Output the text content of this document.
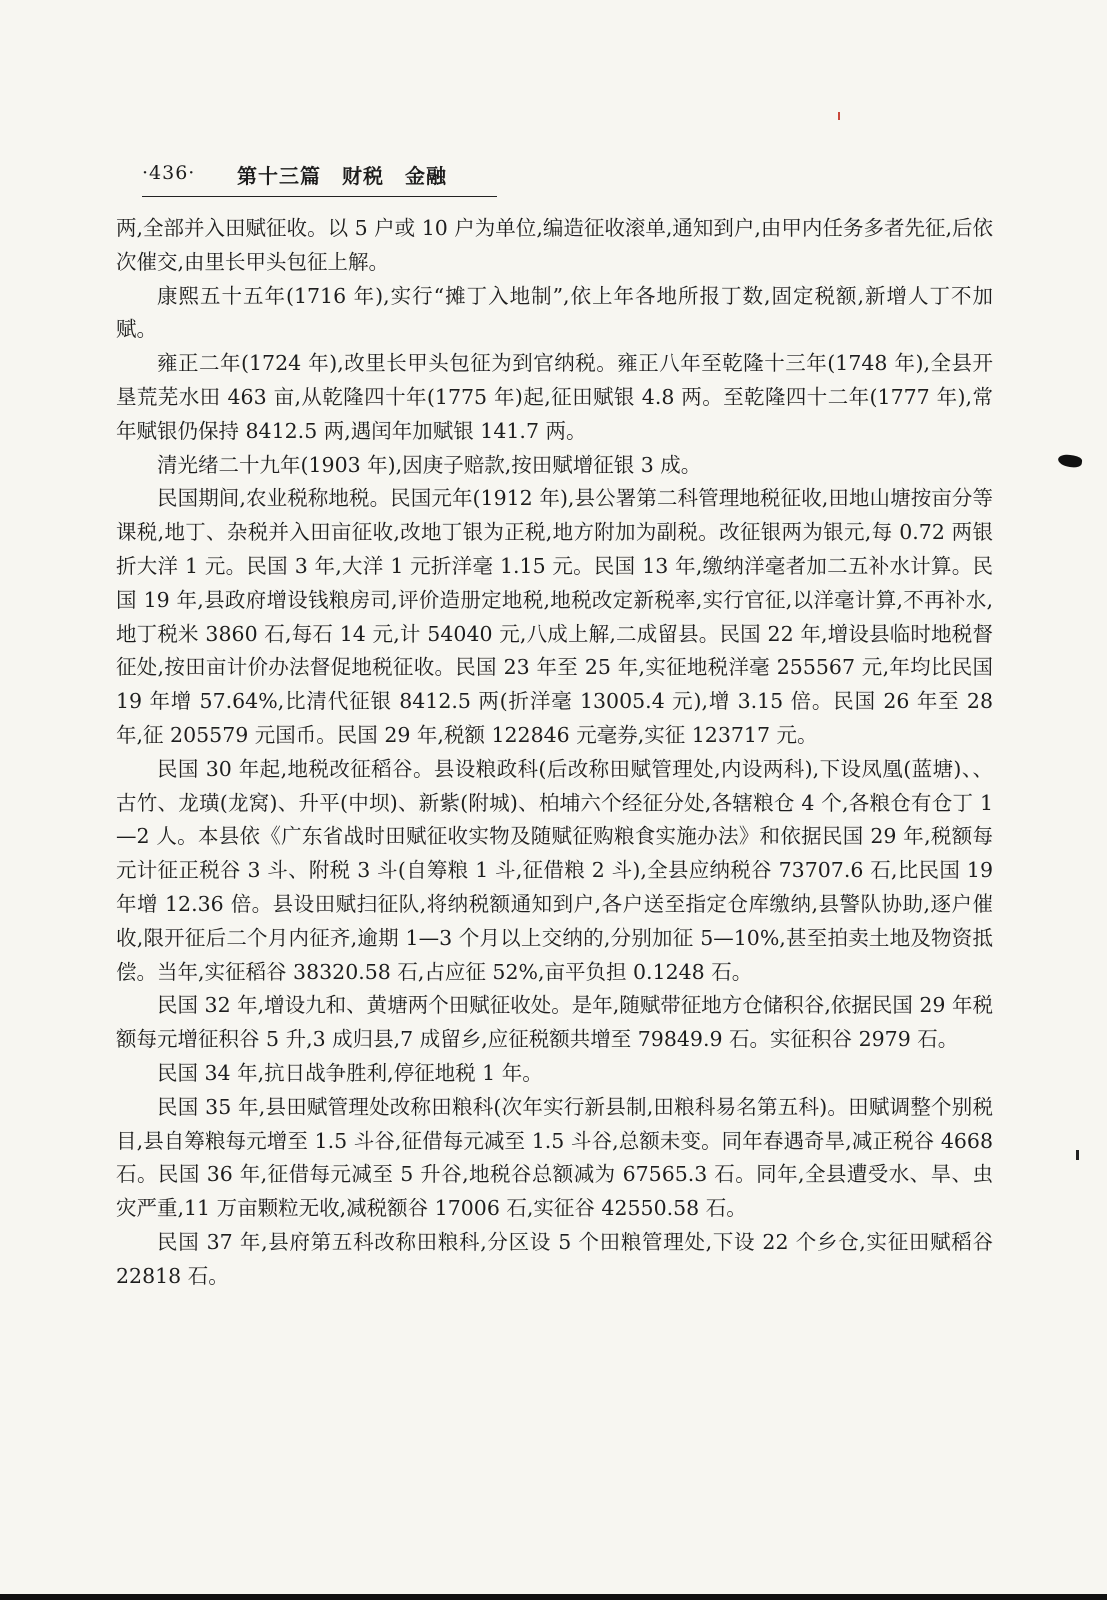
·436· 第十三篇　财税　金融

两,全部并入田赋征收。以 5 户或 10 户为单位,编造征收滚单,通知到户,由甲内任务多者先征,后依次催交,由里长甲头包征上解。

康熙五十五年(1716 年),实行“摊丁入地制”,依上年各地所报丁数,固定税额,新增人丁不加赋。

雍正二年(1724 年),改里长甲头包征为到官纳税。雍正八年至乾隆十三年(1748 年),全县开垦荒芜水田 463 亩,从乾隆四十年(1775 年)起,征田赋银 4.8 两。至乾隆四十二年(1777 年),常年赋银仍保持 8412.5 两,遇闰年加赋银 141.7 两。

清光绪二十九年(1903 年),因庚子赔款,按田赋增征银 3 成。

民国期间,农业税称地税。民国元年(1912 年),县公署第二科管理地税征收,田地山塘按亩分等课税,地丁、杂税并入田亩征收,改地丁银为正税,地方附加为副税。改征银两为银元,每 0.72 两银折大洋 1 元。民国 3 年,大洋 1 元折洋毫 1.15 元。民国 13 年,缴纳洋毫者加二五补水计算。民国 19 年,县政府增设钱粮房司,评价造册定地税,地税改定新税率,实行官征,以洋毫计算,不再补水,地丁税米 3860 石,每石 14 元,计 54040 元,八成上解,二成留县。民国 22 年,增设县临时地税督征处,按田亩计价办法督促地税征收。民国 23 年至 25 年,实征地税洋毫 255567 元,年均比民国 19 年增 57.64%,比清代征银 8412.5 两(折洋毫 13005.4 元),增 3.15 倍。民国 26 年至 28 年,征 205579 元国币。民国 29 年,税额 122846 元毫券,实征 123717 元。

民国 30 年起,地税改征稻谷。县设粮政科(后改称田赋管理处,内设两科),下设凤凰(蓝塘)、、古竹、龙璜(龙窝)、升平(中坝)、新紫(附城)、柏埔六个经征分处,各辖粮仓 4 个,各粮仓有仓丁 1—2 人。本县依《广东省战时田赋征收实物及随赋征购粮食实施办法》和依据民国 29 年,税额每元计征正税谷 3 斗、附税 3 斗(自筹粮 1 斗,征借粮 2 斗),全县应纳税谷 73707.6 石,比民国 19 年增 12.36 倍。县设田赋扫征队,将纳税额通知到户,各户送至指定仓库缴纳,县警队协助,逐户催收,限开征后二个月内征齐,逾期 1—3 个月以上交纳的,分别加征 5—10%,甚至拍卖土地及物资抵偿。当年,实征稻谷 38320.58 石,占应征 52%,亩平负担 0.1248 石。

民国 32 年,增设九和、黄塘两个田赋征收处。是年,随赋带征地方仓储积谷,依据民国 29 年税额每元增征积谷 5 升,3 成归县,7 成留乡,应征税额共增至 79849.9 石。实征积谷 2979 石。

民国 34 年,抗日战争胜利,停征地税 1 年。

民国 35 年,县田赋管理处改称田粮科(次年实行新县制,田粮科易名第五科)。田赋调整个别税目,县自筹粮每元增至 1.5 斗谷,征借每元减至 1.5 斗谷,总额未变。同年春遇奇旱,减正税谷 4668 石。民国 36 年,征借每元减至 5 升谷,地税谷总额减为 67565.3 石。同年,全县遭受水、旱、虫灾严重,11 万亩颗粒无收,减税额谷 17006 石,实征谷 42550.58 石。

民国 37 年,县府第五科改称田粮科,分区设 5 个田粮管理处,下设 22 个乡仓,实征田赋稻谷 22818 石。
